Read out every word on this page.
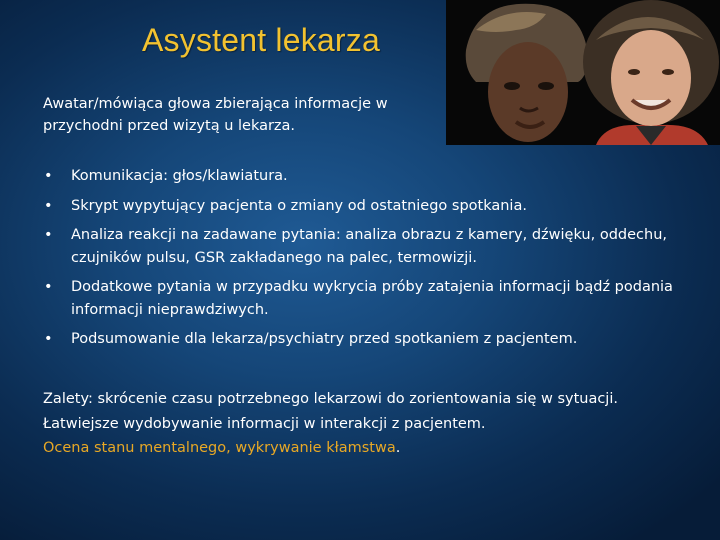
Asystent lekarza
Awatar/mówiąca głowa zbierająca informacje w przychodni przed wizytą u lekarza.
• Komunikacja: głos/klawiatura.
• Skrypt wypytujący pacjenta o zmiany od ostatniego spotkania.
• Analiza reakcji na zadawane pytania: analiza obrazu z kamery, dźwięku, oddechu, czujników pulsu, GSR zakładanego na palec, termowizji.
• Dodatkowe pytania w przypadku wykrycia próby zatajenia informacji bądź podania informacji nieprawdziwych.
• Podsumowanie dla lekarza/psychiatry przed spotkaniem z pacjentem.
Zalety: skrócenie czasu potrzebnego lekarzowi do zorientowania się w sytuacji.
Łatwiejsze wydobywanie informacji w interakcji z pacjentem.
Ocena stanu mentalnego, wykrywanie kłamstwa.
